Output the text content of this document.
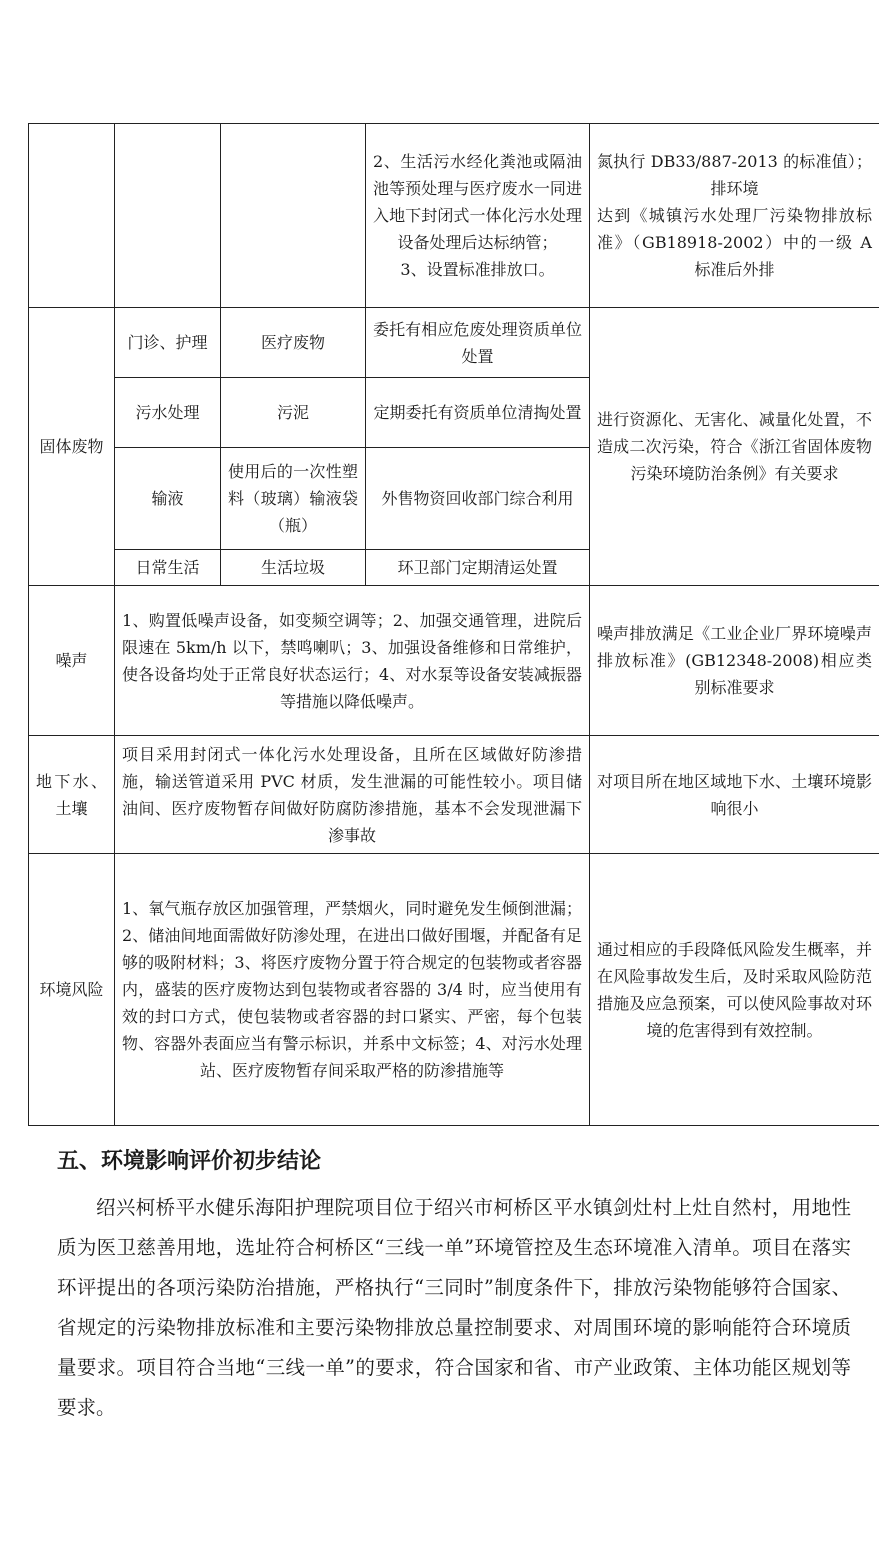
			2、生活污水经化粪池或隔油池等预处理与医疗废水一同进入地下封闭式一体化污水处理设备处理后达标纳管；
3、设置标准排放口。	氮执行 DB33/887-2013 的标准值）；排环境
达到《城镇污水处理厂污染物排放标准》（GB18918-2002）中的一级 A 标准后外排

固体废物	门诊、护理	医疗废物	委托有相应危废处理资质单位处置	进行资源化、无害化、减量化处置，不造成二次污染，符合《浙江省固体废物污染环境防治条例》有关要求
	污水处理	污泥	定期委托有资质单位清掏处置	
	输液	使用后的一次性塑料（玻璃）输液袋（瓶）	外售物资回收部门综合利用	
	日常生活	生活垃圾	环卫部门定期清运处置	
噪声	1、购置低噪声设备，如变频空调等；2、加强交通管理，进院后限速在 5km/h 以下，禁鸣喇叭；3、加强设备维修和日常维护，使各设备均处于正常良好状态运行；4、对水泵等设备安装减振器等措施以降低噪声。			噪声排放满足《工业企业厂界环境噪声排放标准》(GB12348-2008)相应类别标准要求
地下水、土壤	项目采用封闭式一体化污水处理设备，且所在区域做好防渗措施，输送管道采用 PVC 材质，发生泄漏的可能性较小。项目储油间、医疗废物暂存间做好防腐防渗措施，基本不会发现泄漏下渗事故			对项目所在地区域地下水、土壤环境影响很小
环境风险	1、氧气瓶存放区加强管理，严禁烟火，同时避免发生倾倒泄漏；2、储油间地面需做好防渗处理，在进出口做好围堰，并配备有足够的吸附材料；3、将医疗废物分置于符合规定的包装物或者容器内，盛装的医疗废物达到包装物或者容器的 3/4 时，应当使用有效的封口方式，使包装物或者容器的封口紧实、严密，每个包装物、容器外表面应当有警示标识，并系中文标签；4、对污水处理站、医疗废物暂存间采取严格的防渗措施等			通过相应的手段降低风险发生概率，并在风险事故发生后，及时采取风险防范措施及应急预案，可以使风险事故对环境的危害得到有效控制。
五、环境影响评价初步结论

绍兴柯桥平水健乐海阳护理院项目位于绍兴市柯桥区平水镇剑灶村上灶自然村，用地性质为医卫慈善用地，选址符合柯桥区“三线一单”环境管控及生态环境准入清单。项目在落实环评提出的各项污染防治措施，严格执行“三同时”制度条件下，排放污染物能够符合国家、省规定的污染物排放标准和主要污染物排放总量控制要求、对周围环境的影响能符合环境质量要求。项目符合当地“三线一单”的要求，符合国家和省、市产业政策、主体功能区规划等要求。
